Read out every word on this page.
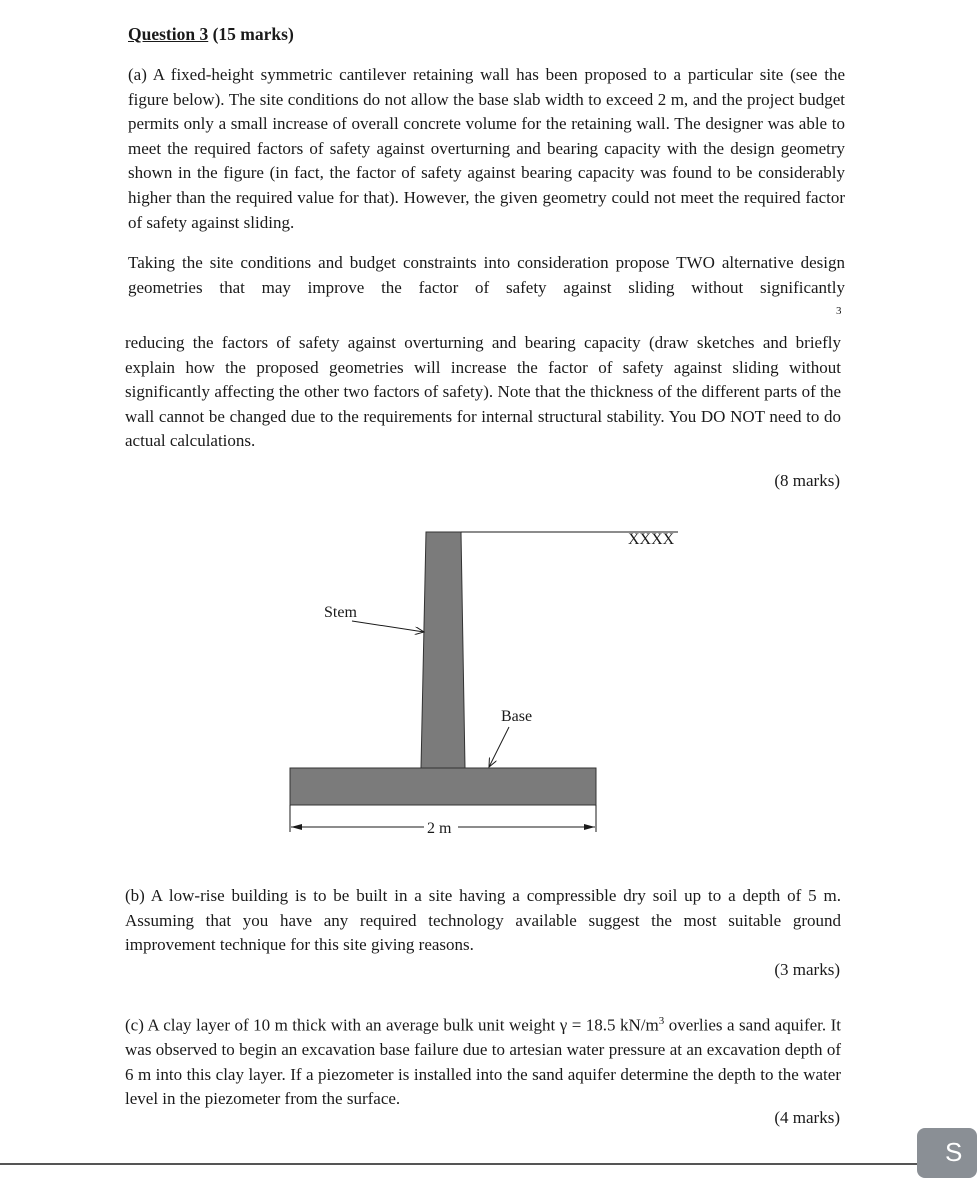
Question 3 (15 marks)

(a) A fixed-height symmetric cantilever retaining wall has been proposed to a particular site (see the figure below). The site conditions do not allow the base slab width to exceed 2 m, and the project budget permits only a small increase of overall concrete volume for the retaining wall. The designer was able to meet the required factors of safety against overturning and bearing capacity with the design geometry shown in the figure (in fact, the factor of safety against bearing capacity was found to be considerably higher than the required value for that). However, the given geometry could not meet the required factor of safety against sliding.

Taking the site conditions and budget constraints into consideration propose TWO alternative design geometries that may improve the factor of safety against sliding without significantly

3

reducing the factors of safety against overturning and bearing capacity (draw sketches and briefly explain how the proposed geometries will increase the factor of safety against sliding without significantly affecting the other two factors of safety). Note that the thickness of the different parts of the wall cannot be changed due to the requirements for internal structural stability. You DO NOT need to do actual calculations.

(8 marks)

XXXX
Stem
Base
2 m

(b) A low-rise building is to be built in a site having a compressible dry soil up to a depth of 5 m. Assuming that you have any required technology available suggest the most suitable ground improvement technique for this site giving reasons.

(3 marks)

(c) A clay layer of 10 m thick with an average bulk unit weight γ = 18.5 $kN/m^3$ overlies a sand aquifer. It was observed to begin an excavation base failure due to artesian water pressure at an excavation depth of 6 m into this clay layer. If a piezometer is installed into the sand aquifer determine the depth to the water level in the piezometer from the surface.

(4 marks)

S
